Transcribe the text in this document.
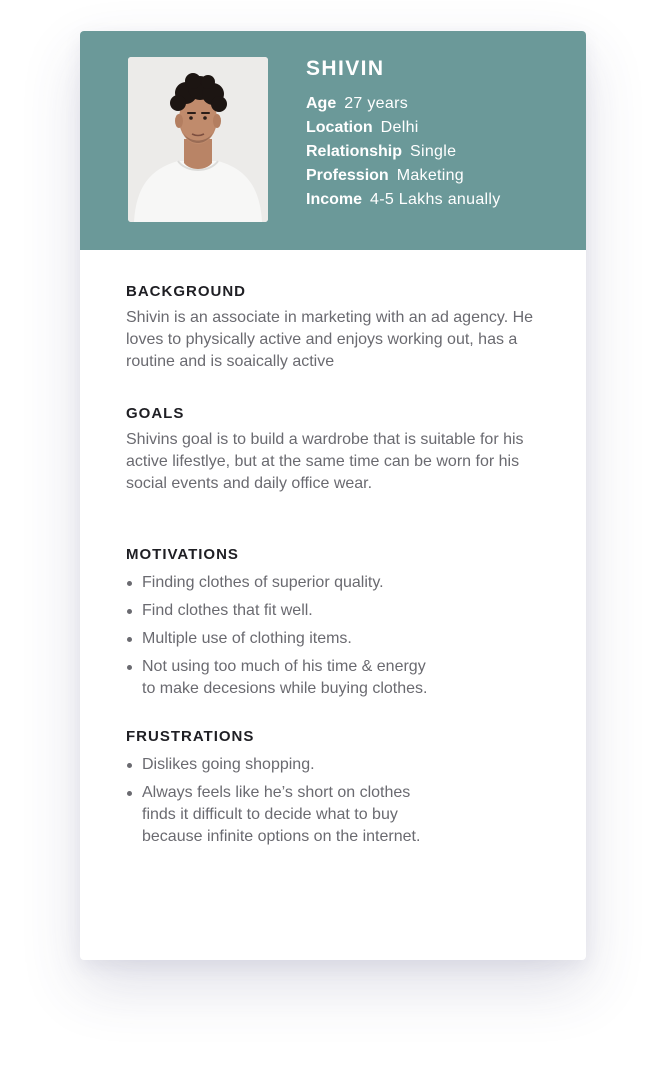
SHIVIN
Age 27 years
Location Delhi
Relationship Single
Profession Maketing
Income 4-5 Lakhs anually
BACKGROUND

Shivin is an associate in marketing with an ad agency. He loves to physically active and enjoys working out, has a routine and is soaically active

GOALS

Shivins goal is to build a wardrobe that is suitable for his active lifestlye, but at the same time can be worn for his social events and daily office wear.

MOTIVATIONS
Finding clothes of superior quality.
Find clothes that fit well.
Multiple use of clothing items.
Not using too much of his time & energy
to make decesions while buying clothes.
FRUSTRATIONS
Dislikes going shopping.
Always feels like he’s short on clothes
finds it difficult to decide what to buy
because infinite options on the internet.
